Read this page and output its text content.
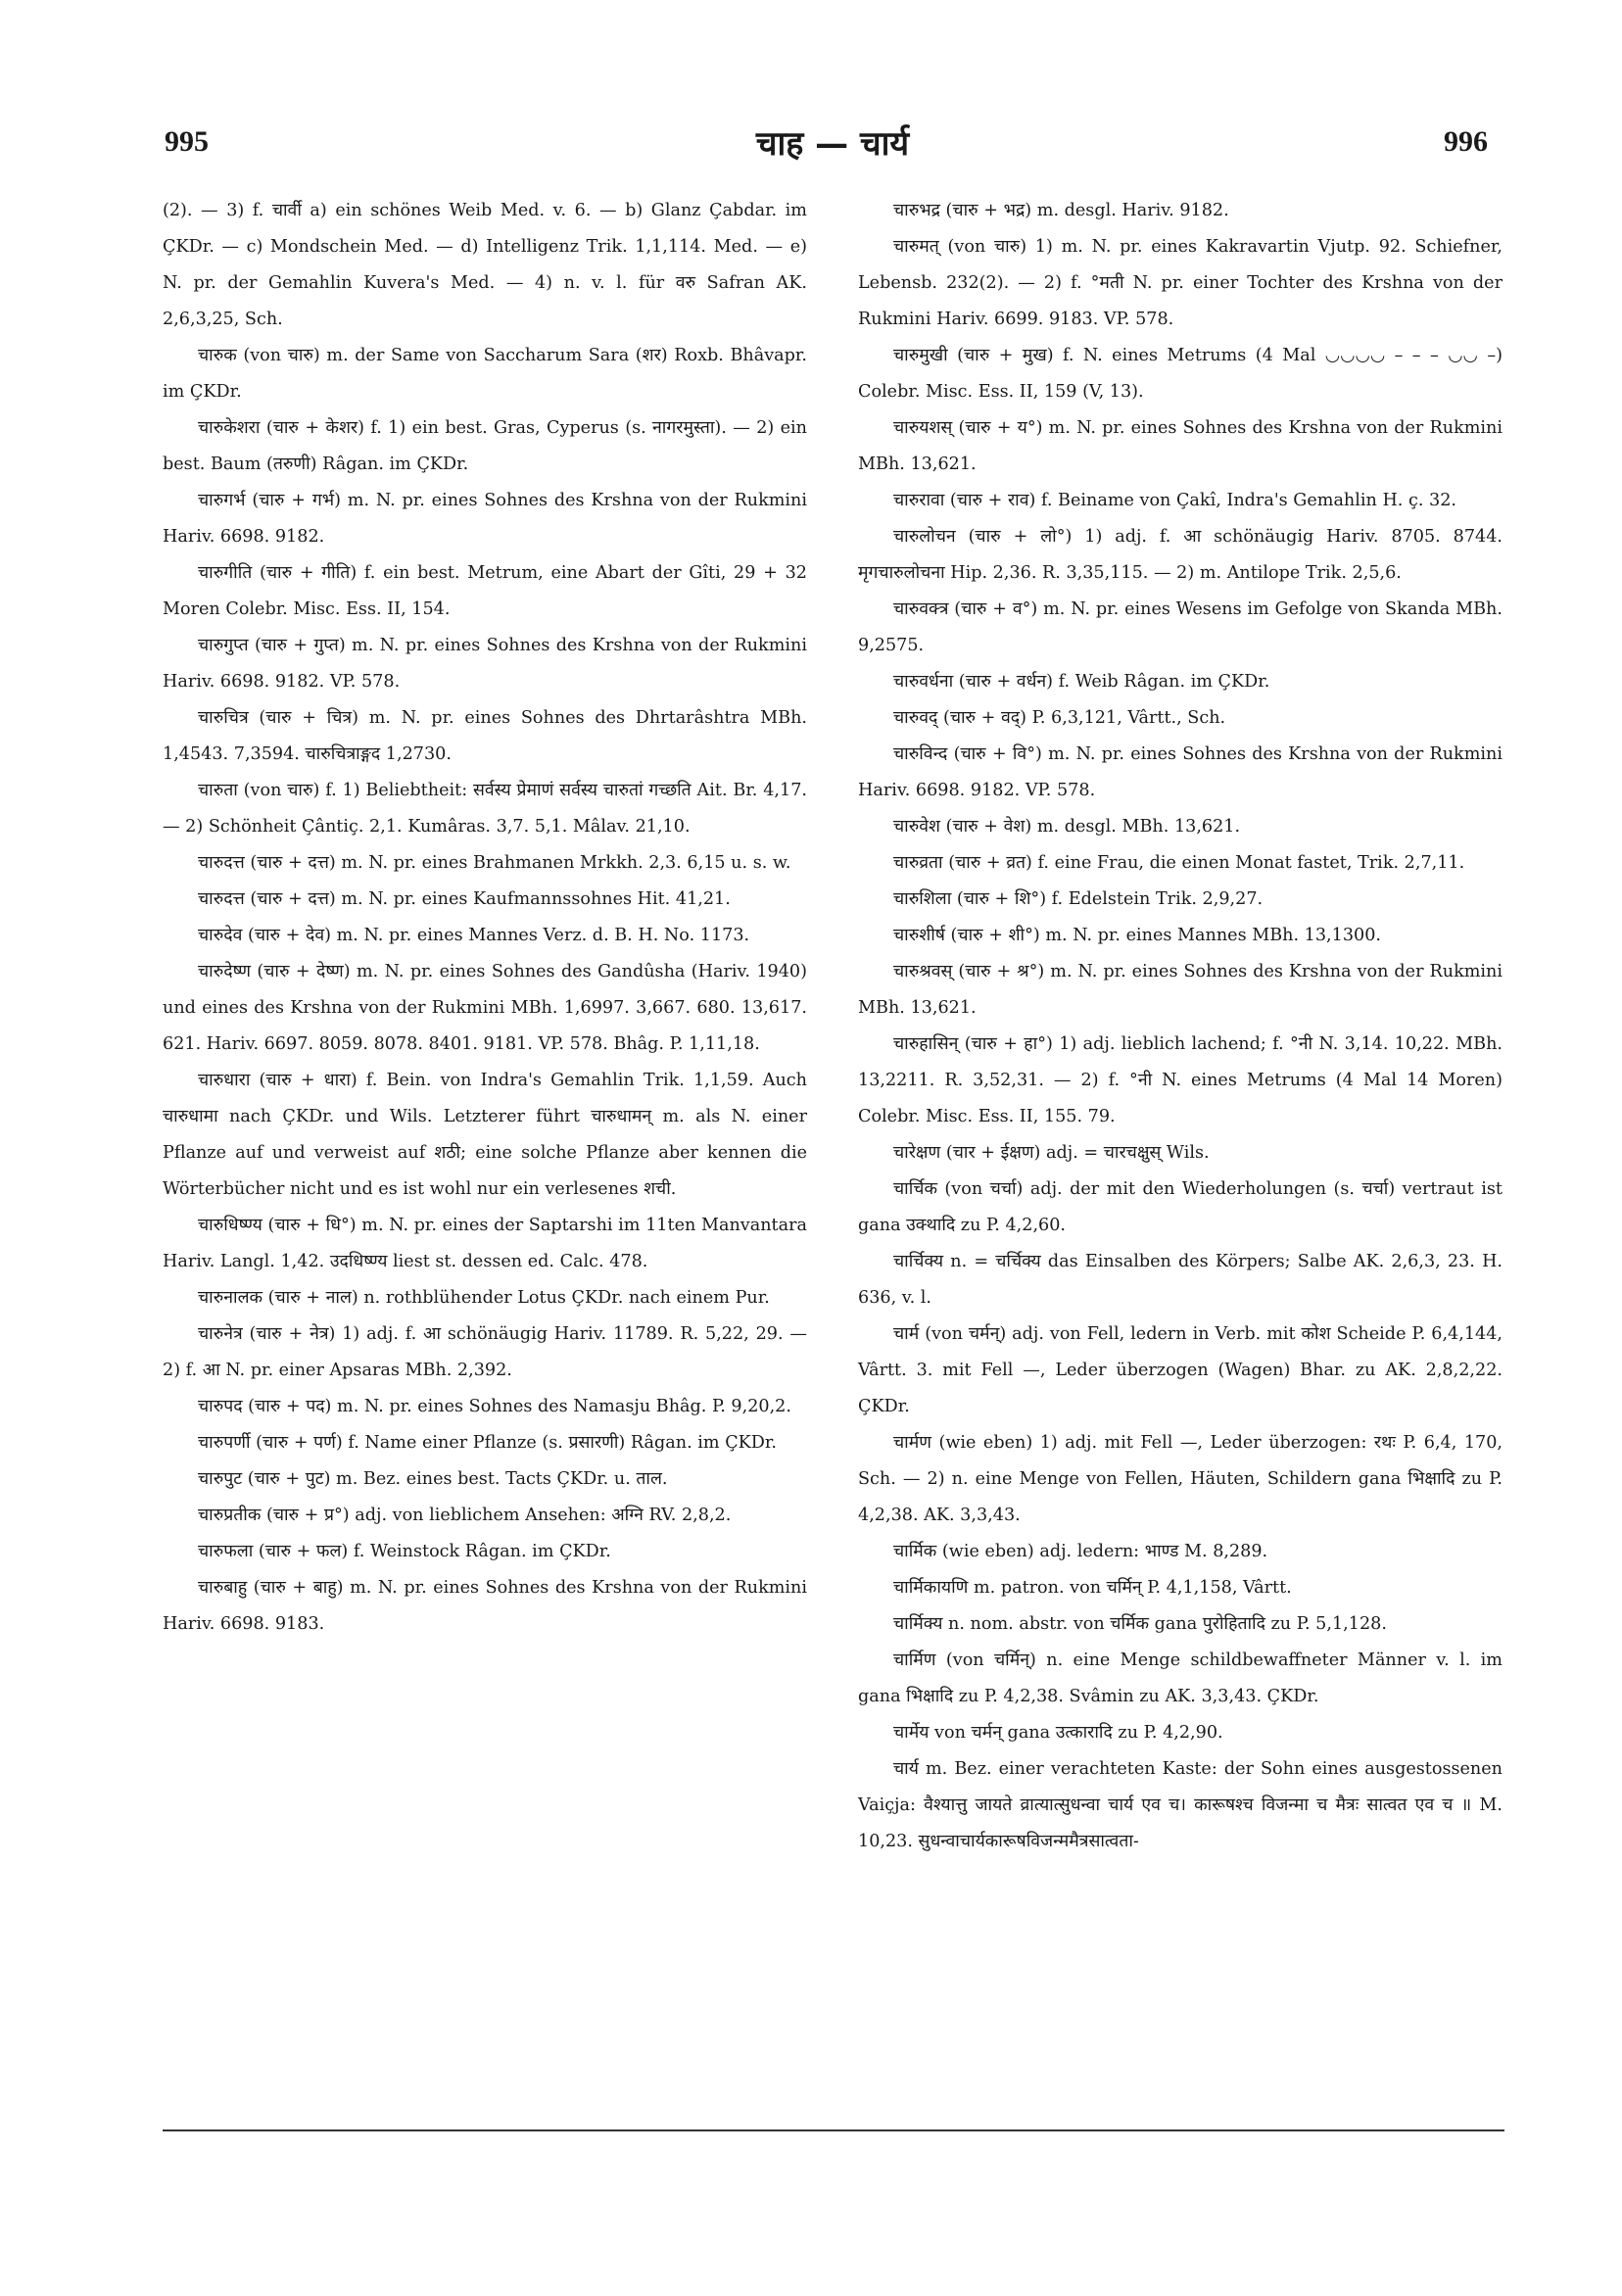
995	चाह — चार्य	996

(2). — 3) f. चार्वी a) ein schönes Weib Med. v. 6. — b) Glanz Çabdar. im ÇKDr. — c) Mondschein Med. — d) Intelligenz Trik. 1,1,114. Med. — e) N. pr. der Gemahlin Kuvera's Med. — 4) n. v. l. für वरु Safran AK. 2,6,3,25, Sch.

चारुक (von चारु) m. der Same von Saccharum Sara (शर) Roxb. Bhâvapr. im ÇKDr.

चारुकेशरा (चारु + केशर) f. 1) ein best. Gras, Cyperus (s. नागरमुस्ता). — 2) ein best. Baum (तरुणी) Râgan. im ÇKDr.

चारुगर्भ (चारु + गर्भ) m. N. pr. eines Sohnes des Krshna von der Rukmini Hariv. 6698. 9182.

चारुगीति (चारु + गीति) f. ein best. Metrum, eine Abart der Gîti, 29 + 32 Moren Colebr. Misc. Ess. II, 154.

चारुगुप्त (चारु + गुप्त) m. N. pr. eines Sohnes des Krshna von der Rukmini Hariv. 6698. 9182. VP. 578.

चारुचित्र (चारु + चित्र) m. N. pr. eines Sohnes des Dhrtarâshtra MBh. 1,4543. 7,3594. चारुचित्राङ्गद 1,2730.

चारुता (von चारु) f. 1) Beliebtheit: सर्वस्य प्रेमाणं सर्वस्य चारुतां गच्छति Ait. Br. 4,17. — 2) Schönheit Çântiç. 2,1. Kumâras. 3,7. 5,1. Mâlav. 21,10.

चारुदत्त (चारु + दत्त) m. N. pr. eines Brahmanen Mrkkh. 2,3. 6,15 u. s. w.

चारुदत्त (चारु + दत्त) m. N. pr. eines Kaufmannssohnes Hit. 41,21.

चारुदेव (चारु + देव) m. N. pr. eines Mannes Verz. d. B. H. No. 1173.

चारुदेष्ण (चारु + देष्ण) m. N. pr. eines Sohnes des Gandûsha (Hariv. 1940) und eines des Krshna von der Rukmini MBh. 1,6997. 3,667. 680. 13,617. 621. Hariv. 6697. 8059. 8078. 8401. 9181. VP. 578. Bhâg. P. 1,11,18.

चारुधारा (चारु + धारा) f. Bein. von Indra's Gemahlin Trik. 1,1,59. Auch चारुधामा nach ÇKDr. und Wils. Letzterer führt चारुधामन् m. als N. einer Pflanze auf und verweist auf शठी; eine solche Pflanze aber kennen die Wörterbücher nicht und es ist wohl nur ein verlesenes शची.

चारुधिष्ण्य (चारु + धि°) m. N. pr. eines der Saptarshi im 11ten Manvantara Hariv. Langl. 1,42. उदधिष्ण्य liest st. dessen ed. Calc. 478.

चारुनालक (चारु + नाल) n. rothblühender Lotus ÇKDr. nach einem Pur.

चारुनेत्र (चारु + नेत्र) 1) adj. f. आ schönäugig Hariv. 11789. R. 5,22, 29. — 2) f. आ N. pr. einer Apsaras MBh. 2,392.

चारुपद (चारु + पद) m. N. pr. eines Sohnes des Namasju Bhâg. P. 9,20,2.

चारुपर्णी (चारु + पर्ण) f. Name einer Pflanze (s. प्रसारणी) Râgan. im ÇKDr.

चारुपुट (चारु + पुट) m. Bez. eines best. Tacts ÇKDr. u. ताल.

चारुप्रतीक (चारु + प्र°) adj. von lieblichem Ansehen: अग्नि RV. 2,8,2.

चारुफला (चारु + फल) f. Weinstock Râgan. im ÇKDr.

चारुबाहु (चारु + बाहु) m. N. pr. eines Sohnes des Krshna von der Rukmini Hariv. 6698. 9183.

चारुभद्र (चारु + भद्र) m. desgl. Hariv. 9182.

चारुमत् (von चारु) 1) m. N. pr. eines Kakravartin Vjutp. 92. Schiefner, Lebensb. 232(2). — 2) f. °मती N. pr. einer Tochter des Krshna von der Rukmini Hariv. 6699. 9183. VP. 578.

चारुमुखी (चारु + मुख) f. N. eines Metrums (4 Mal ◡◡◡◡ – – – ◡◡ –) Colebr. Misc. Ess. II, 159 (V, 13).

चारुयशस् (चारु + य°) m. N. pr. eines Sohnes des Krshna von der Rukmini MBh. 13,621.

चारुरावा (चारु + राव) f. Beiname von Çakî, Indra's Gemahlin H. ç. 32.

चारुलोचन (चारु + लो°) 1) adj. f. आ schönäugig Hariv. 8705. 8744. मृगचारुलोचना Hip. 2,36. R. 3,35,115. — 2) m. Antilope Trik. 2,5,6.

चारुवक्त्र (चारु + व°) m. N. pr. eines Wesens im Gefolge von Skanda MBh. 9,2575.

चारुवर्धना (चारु + वर्धन) f. Weib Râgan. im ÇKDr.

चारुवद् (चारु + वद्) P. 6,3,121, Vârtt., Sch.

चारुविन्द (चारु + वि°) m. N. pr. eines Sohnes des Krshna von der Rukmini Hariv. 6698. 9182. VP. 578.

चारुवेश (चारु + वेश) m. desgl. MBh. 13,621.

चारुव्रता (चारु + व्रत) f. eine Frau, die einen Monat fastet, Trik. 2,7,11.

चारुशिला (चारु + शि°) f. Edelstein Trik. 2,9,27.

चारुशीर्ष (चारु + शी°) m. N. pr. eines Mannes MBh. 13,1300.

चारुश्रवस् (चारु + श्र°) m. N. pr. eines Sohnes des Krshna von der Rukmini MBh. 13,621.

चारुहासिन् (चारु + हा°) 1) adj. lieblich lachend; f. °नी N. 3,14. 10,22. MBh. 13,2211. R. 3,52,31. — 2) f. °नी N. eines Metrums (4 Mal 14 Moren) Colebr. Misc. Ess. II, 155. 79.

चारेक्षण (चार + ईक्षण) adj. = चारचक्षुस् Wils.

चार्चिक (von चर्चा) adj. der mit den Wiederholungen (s. चर्चा) vertraut ist gana उक्थादि zu P. 4,2,60.

चार्चिक्य n. = चर्चिक्य das Einsalben des Körpers; Salbe AK. 2,6,3, 23. H. 636, v. l.

चार्म (von चर्मन्) adj. von Fell, ledern in Verb. mit कोश Scheide P. 6,4,144, Vârtt. 3. mit Fell —, Leder überzogen (Wagen) Bhar. zu AK. 2,8,2,22. ÇKDr.

चार्मण (wie eben) 1) adj. mit Fell —, Leder überzogen: रथः P. 6,4, 170, Sch. — 2) n. eine Menge von Fellen, Häuten, Schildern gana भिक्षादि zu P. 4,2,38. AK. 3,3,43.

चार्मिक (wie eben) adj. ledern: भाण्ड M. 8,289.

चार्मिकायणि m. patron. von चर्मिन् P. 4,1,158, Vârtt.

चार्मिक्य n. nom. abstr. von चर्मिक gana पुरोहितादि zu P. 5,1,128.

चार्मिण (von चर्मिन्) n. eine Menge schildbewaffneter Männer v. l. im gana भिक्षादि zu P. 4,2,38. Svâmin zu AK. 3,3,43. ÇKDr.

चार्मेय von चर्मन् gana उत्कारादि zu P. 4,2,90.

चार्य m. Bez. einer verachteten Kaste: der Sohn eines ausgestossenen Vaiçja: वैश्यात्तु जायते व्रात्यात्सुधन्वा चार्य एव च। कारूषश्च विजन्मा च मैत्रः सात्वत एव च ॥ M. 10,23. सुधन्वाचार्यकारूषविजन्ममैत्रसात्वता-
